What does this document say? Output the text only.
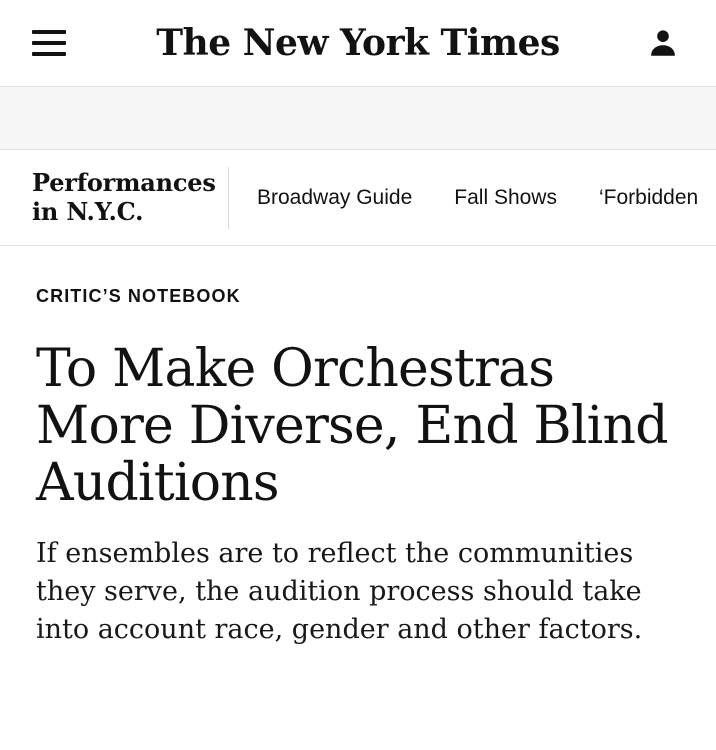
The New York Times
Performances in N.Y.C.	Broadway Guide Fall Shows ‘Forbidden
CRITIC’S NOTEBOOK
To Make Orchestras More Diverse, End Blind Auditions

If ensembles are to reflect the communities they serve, the audition process should take into account race, gender and other factors.
